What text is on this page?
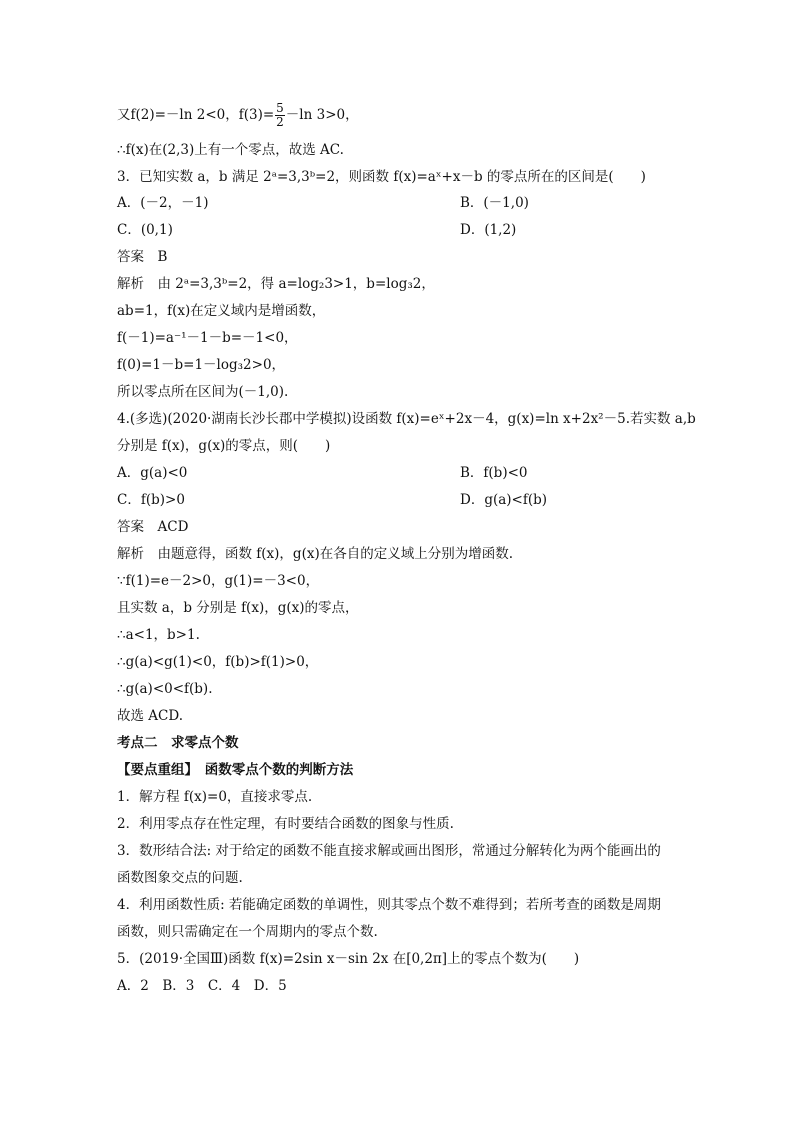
又f(2)=－ln 2<0，$f(3)= \frac{5}{2} -\ln$ 3>0，
∴f(x)在(2,3)上有一个零点，故选 AC.
3．已知实数 a，b 满足 2ᵃ=3,3ᵇ=2，则函数 f(x)=aˣ+x－b 的零点所在的区间是(　　)
A．(－2，－1)	B．(－1,0)
C．(0,1)	D．(1,2)
答案　B
解析　由 2ᵃ=3,3ᵇ=2，得 a=log₂3>1，b=log₃2，
ab=1，f(x)在定义域内是增函数，
f(－1)=a⁻¹－1－b=－1<0，
f(0)=1－b=1－log₃2>0，
所以零点所在区间为(－1,0).
4.(多选)(2020·湖南长沙长郡中学模拟)设函数 f(x)=eˣ+2x－4，g(x)=ln x+2x²－5.若实数 a,b
分别是 f(x)，g(x)的零点，则(　　)
A．g(a)<0	B．f(b)<0
C．f(b)>0	D．g(a)<f(b)
答案　ACD
解析　由题意得，函数 f(x)，g(x)在各自的定义域上分别为增函数.
∵f(1)=e－2>0，g(1)=－3<0，
且实数 a，b 分别是 f(x)，g(x)的零点，
∴a<1，b>1.
∴g(a)<g(1)<0，f(b)>f(1)>0，
∴g(a)<0<f(b).
故选 ACD.
考点二　求零点个数
【要点重组】　函数零点个数的判断方法
1．解方程 f(x)=0，直接求零点.
2．利用零点存在性定理，有时要结合函数的图象与性质.
3．数形结合法: 对于给定的函数不能直接求解或画出图形，常通过分解转化为两个能画出的
函数图象交点的问题.
4．利用函数性质: 若能确定函数的单调性，则其零点个数不难得到；若所考查的函数是周期
函数，则只需确定在一个周期内的零点个数.
5．(2019·全国Ⅲ)函数 f(x)=2sin x－sin 2x 在[0,2π]上的零点个数为(　　)
A．2　B．3　C．4　D．5
